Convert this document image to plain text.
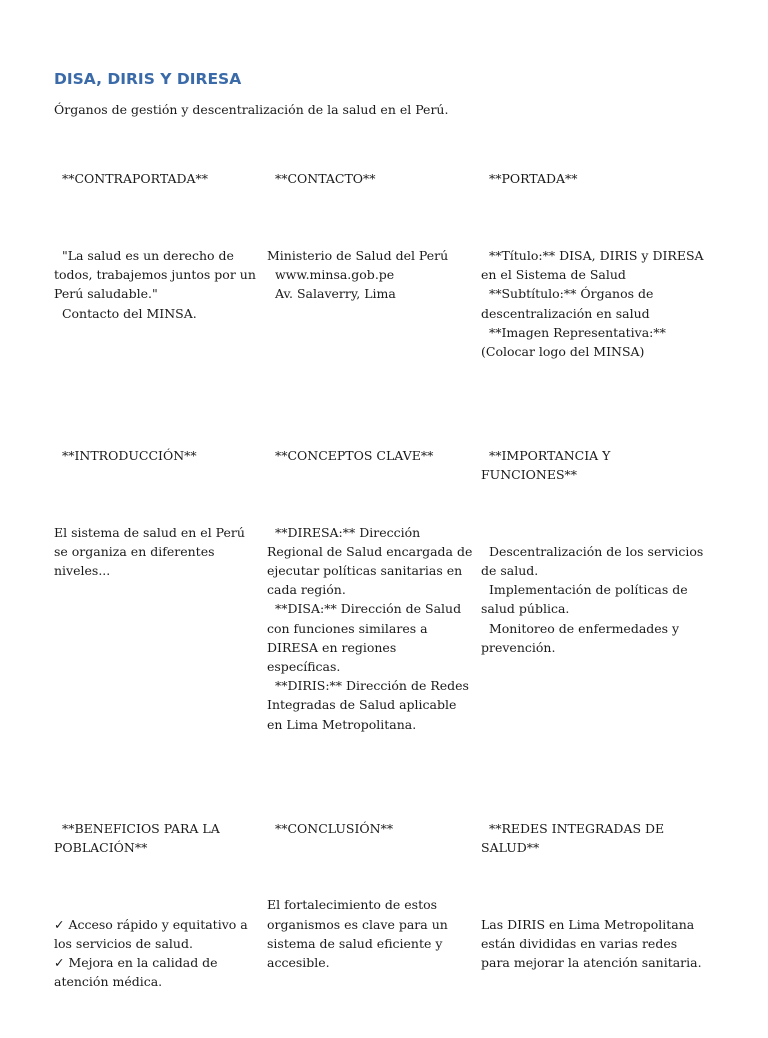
DISA, DIRIS Y DIRESA

Órganos de gestión y descentralización de la salud en el Perú.

**CONTRAPORTADA**

"La salud es un derecho de todos, trabajemos juntos por un Perú saludable."
Contacto del MINSA.

**CONTACTO**

Ministerio de Salud del Perú
www.minsa.gob.pe
Av. Salaverry, Lima

**PORTADA**

**Título:** DISA, DIRIS y DIRESA en el Sistema de Salud
**Subtítulo:** Órganos de descentralización en salud
**Imagen Representativa:** (Colocar logo del MINSA)

**INTRODUCCIÓN**

El sistema de salud en el Perú se organiza en diferentes niveles...

**CONCEPTOS CLAVE**

**DIRESA:** Dirección Regional de Salud encargada de ejecutar políticas sanitarias en cada región.
**DISA:** Dirección de Salud con funciones similares a DIRESA en regiones específicas.
**DIRIS:** Dirección de Redes Integradas de Salud aplicable en Lima Metropolitana.

**IMPORTANCIA Y FUNCIONES**

Descentralización de los servicios de salud.
Implementación de políticas de salud pública.
Monitoreo de enfermedades y prevención.

**BENEFICIOS PARA LA POBLACIÓN**

✓ Acceso rápido y equitativo a los servicios de salud.
✓ Mejora en la calidad de atención médica.

**CONCLUSIÓN**

El fortalecimiento de estos organismos es clave para un sistema de salud eficiente y accesible.

**REDES INTEGRADAS DE SALUD**

Las DIRIS en Lima Metropolitana están divididas en varias redes para mejorar la atención sanitaria.
